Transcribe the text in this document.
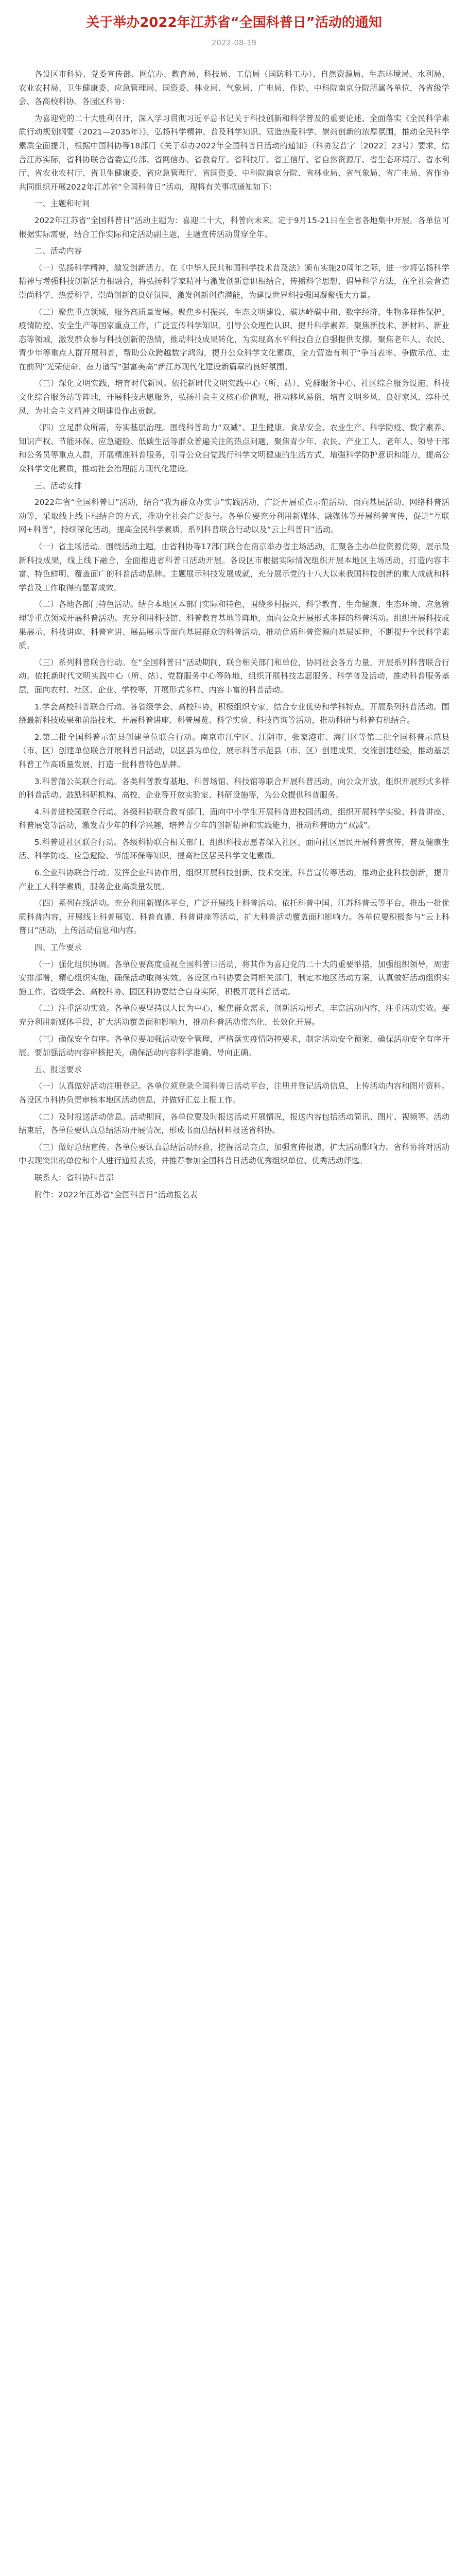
关于举办2022年江苏省“全国科普日”活动的通知
2022-08-19

各设区市科协、党委宣传部、网信办、教育局、科技局、工信局（国防科工办）、自然资源局、生态环境局、水利局、农业农村局、卫生健康委、应急管理局、国资委、林业局、气象局、广电局、作协，中科院南京分院所属各单位，各省级学会、各高校科协、各园区科协：

为喜迎党的二十大胜利召开，深入学习贯彻习近平总书记关于科技创新和科学普及的重要论述、全面落实《全民科学素质行动规划纲要（2021—2035年）》，弘扬科学精神、普及科学知识、营造热爱科学、崇尚创新的浓厚氛围，推动全民科学素质全面提升，根据中国科协等18部门《关于举办2022年全国科普日活动的通知》（科协发普字〔2022〕23号）要求，结合江苏实际，省科协联合省委宣传部、省网信办、省教育厅、省科技厅、省工信厅、省自然资源厅、省生态环境厅、省水利厅、省农业农村厅、省卫生健康委、省应急管理厅、省国资委、中科院南京分院、省林业局、省气象局、省广电局、省作协共同组织开展2022年江苏省“全国科普日”活动，现将有关事项通知如下：

一、主题和时间

2022年江苏省“全国科普日”活动主题为：喜迎二十大，科普向未来。定于9月15-21日在全省各地集中开展。各单位可根据实际需要，结合工作实际和定活动副主题，主题宣传活动贯穿全年。

二、活动内容

（一）弘扬科学精神，激发创新活力。在《中华人民共和国科学技术普及法》颁布实施20周年之际，进一步将弘扬科学精神与增强科技创新活力相融合，将弘扬科学家精神与激发创新意识相结合，传播科学思想、倡导科学方法，在全社会营造崇尚科学、热爱科学、崇尚创新的良好氛围，激发创新创造潜能，为建设世界科技强国凝聚强大力量。

（二）聚焦重点领域，服务高质量发展。聚焦乡村振兴、生态文明建设、碳达峰碳中和、数字经济、生物多样性保护、疫情防控、安全生产等国家重点工作，广泛宣传科学知识、引导公众理性认识、提升科学素养。聚焦新技术、新材料、新业态等领域，激发群众参与科技创新的热情，推动科技成果转化，为实现高水平科技自立自强提供支撑。聚焦老年人、农民、青少年等重点人群开展科普，帮助公众跨越数字鸿沟，提升公众科学文化素质，全力营造有利于“争当表率、争做示范、走在前列”光荣使命、奋力谱写“强富美高”新江苏现代化建设新篇章的良好氛围。

（三）深化文明实践，培育时代新风。依托新时代文明实践中心（所、站）、党群服务中心、社区综合服务设施、科技文化综合服务站等阵地，开展科技志愿服务，弘扬社会主义核心价值观，推动移风易俗，培育文明乡风、良好家风、淳朴民风，为社会主义精神文明建设作出贡献。

（四）立足群众所需，夯实基层治理。围绕科普助力“双减”、卫生健康、食品安全、农业生产、科学防疫、数字素养、知识产权、节能环保、应急避险、低碳生活等群众普遍关注的热点问题，聚焦青少年、农民、产业工人、老年人、领导干部和公务员等重点人群，开展精准科普服务，引导公众自觉践行科学文明健康的生活方式，增强科学防护意识和能力，提高公众科学文化素质，推动社会治理能力现代化建设。

三、活动安排

2022年省“全国科普日”活动，结合“我为群众办实事”实践活动，广泛开展重点示范活动、面向基层活动、网络科普活动等，采取线上线下相结合的方式，推动全社会广泛参与。各单位要充分利用新媒体、融媒体等开展科普宣传，促进“互联网+科普”，持续深化活动，提高全民科学素质，系列科普联合行动以及“云上科普日”活动。

（一）省主场活动。围绕活动主题，由省科协等17部门联合在南京举办省主场活动，汇聚各主办单位资源优势，展示最新科技成果，线上线下融合，全面推进省科普日活动开展。各设区市根据实际情况组织开展本地区主场活动，打造内容丰富、特色鲜明、覆盖面广的科普活动品牌。主题展示科技发展成就，充分展示党的十八大以来我国科技创新的重大成就和科学普及工作取得的显著成效。

（二）各地各部门特色活动。结合本地区本部门实际和特色，围绕乡村振兴、科学教育、生命健康、生态环境、应急管理等重点领域开展科普活动。充分利用科技馆、科普教育基地等阵地，面向公众开展形式多样的科普活动。组织开展科技成果展示、科技讲座、科普宣讲、展品展示等面向基层群众的科普活动，推动优质科普资源向基层延伸，不断提升全民科学素质。

（三）系列科普联合行动。在“全国科普日”活动期间，联合相关部门和单位，协同社会各方力量，开展系列科普联合行动。依托新时代文明实践中心（所、站）、党群服务中心等阵地，组织开展科技志愿服务、科学普及活动，推动科普服务基层，面向农村、社区、企业、学校等，开展形式多样、内容丰富的科普活动。

1.学会高校科普联合行动。各省级学会、高校科协，积极组织专家，结合专业优势和学科特点，开展系列科普活动。围绕最新科技成果和前沿技术，开展科普讲座、科普展览、科学实验、科技咨询等活动，推动科研与科普有机结合。

2.第二批全国科普示范县创建单位联合行动。南京市江宁区、江阴市、张家港市、海门区等第二批全国科普示范县（市、区）创建单位联合开展科普日活动，以区县为单位，展示科普示范县（市、区）创建成果，交流创建经验，推动基层科普工作高质量发展，打造一批科普特色品牌。

3.科普蒲公英联合行动。各类科普教育基地、科普场馆、科技馆等联合开展科普活动，向公众开放，组织开展形式多样的科普活动。鼓励科研机构、高校、企业等开放实验室、科研设施等，为公众提供科普服务。

4.科普进校园联合行动。各级科协联合教育部门，面向中小学生开展科普进校园活动，组织开展科学实验、科普讲座、科普展览等活动，激发青少年的科学兴趣，培养青少年的创新精神和实践能力，推动科普助力“双减”。

5.科普进社区联合行动。各级科协联合相关部门，组织科技志愿者深入社区，面向社区居民开展科普宣传，普及健康生活、科学防疫、应急避险、节能环保等知识，提高社区居民科学文化素质。

6.企业科协联合行动。发挥企业科协作用，组织开展科技创新、技术交流、科普宣传等活动，推动企业科技创新，提升产业工人科学素质，服务企业高质量发展。

（四）系列在线活动。充分利用新媒体平台，广泛开展线上科普活动。依托科普中国、江苏科普云等平台，推出一批优质科普内容，开展线上科普展览、科普直播、科普讲座等活动，扩大科普活动覆盖面和影响力。各单位要积极参与“云上科普日”活动，上传活动信息和内容。

四、工作要求

（一）强化组织协调。各单位要高度重视全国科普日活动，将其作为喜迎党的二十大的重要举措，加强组织领导，周密安排部署，精心组织实施，确保活动取得实效。各设区市科协要会同相关部门，制定本地区活动方案，认真做好活动组织实施工作。省级学会、高校科协、园区科协要结合自身实际，积极开展科普活动。

（二）注重活动实效。各单位要坚持以人民为中心，聚焦群众需求，创新活动形式，丰富活动内容，注重活动实效。要充分利用新媒体手段，扩大活动覆盖面和影响力，推动科普活动常态化、长效化开展。

（三）确保安全有序。各单位要加强活动安全管理，严格落实疫情防控要求，制定活动安全预案，确保活动安全有序开展。要加强活动内容审核把关，确保活动内容科学准确、导向正确。

五、报送要求

（一）认真做好活动注册登记。各单位须登录全国科普日活动平台，注册并登记活动信息，上传活动内容和图片资料。各设区市科协负责审核本地区活动信息，并做好汇总上报工作。

（二）及时报送活动信息。活动期间，各单位要及时报送活动开展情况，报送内容包括活动简讯、图片、视频等。活动结束后，各单位要认真总结活动开展情况，形成书面总结材料报送省科协。

（三）做好总结宣传。各单位要认真总结活动经验，挖掘活动亮点，加强宣传报道，扩大活动影响力。省科协将对活动中表现突出的单位和个人进行通报表扬，并推荐参加全国科普日活动优秀组织单位、优秀活动评选。

联系人：省科协科普部

附件：2022年江苏省“全国科普日”活动报名表
